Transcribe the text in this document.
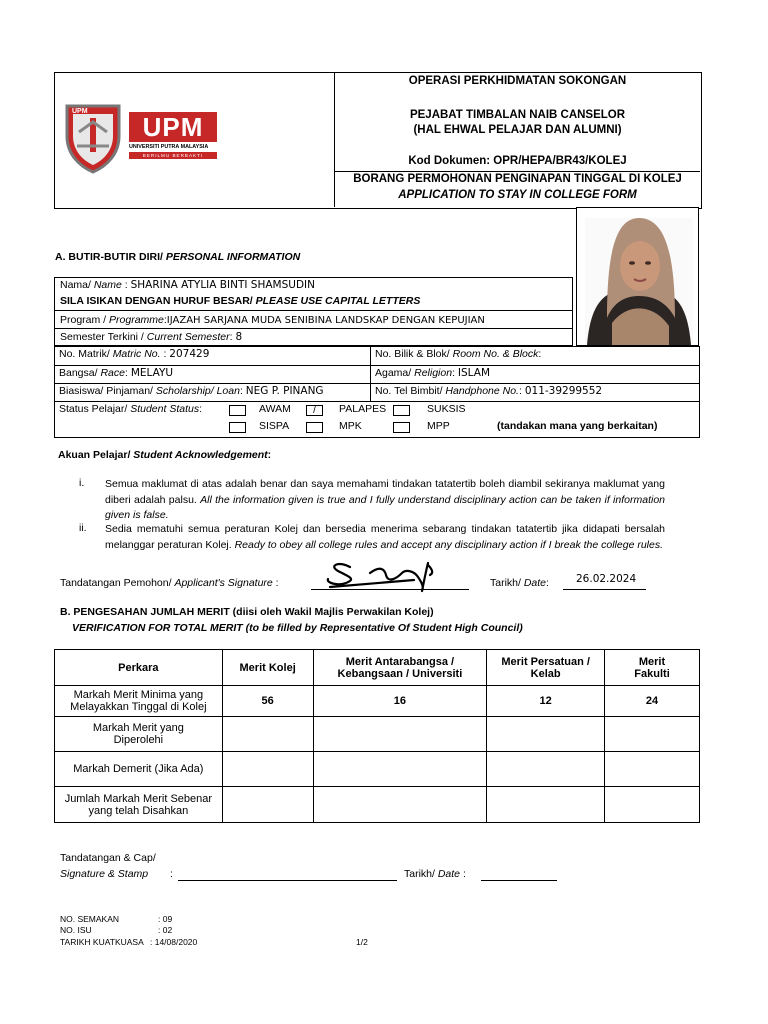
UPM
UPM
UNIVERSITI PUTRA MALAYSIA
BERILMU BERBAKTI
OPERASI PERKHIDMATAN SOKONGAN
PEJABAT TIMBALAN NAIB CANSELOR
(HAL EHWAL PELAJAR DAN ALUMNI)
Kod Dokumen: OPR/HEPA/BR43/KOLEJ
BORANG PERMOHONAN PENGINAPAN TINGGAL DI KOLEJ
APPLICATION TO STAY IN COLLEGE FORM
A. BUTIR-BUTIR DIRI/ PERSONAL INFORMATION
Nama/ Name : SHARINA ATYLIA BINTI SHAMSUDIN
SILA ISIKAN DENGAN HURUF BESAR/ PLEASE USE CAPITAL LETTERS
Program / Programme:IJAZAH SARJANA MUDA SENIBINA LANDSKAP DENGAN KEPUJIAN
Semester Terkini / Current Semester: 8
No. Matrik/ Matric No. : 207429	No. Bilik & Blok/ Room No. & Block:
Bangsa/ Race: MELAYU	Agama/ Religion: ISLAM
Biasiswa/ Pinjaman/ Scholarship/ Loan: NEG P. PINANG	No. Tel Bimbit/ Handphone No.: 011-39299552
Status Pelajar/ Student Status:	AWAM	/	PALAPES	SUKSIS
SISPA	MPK	MPP	(tandakan mana yang berkaitan)
Akuan Pelajar/ Student Acknowledgement:
i. Semua maklumat di atas adalah benar dan saya memahami tindakan tatatertib boleh diambil sekiranya maklumat yang diberi adalah palsu. All the information given is true and I fully understand disciplinary action can be taken if information given is false.
ii. Sedia mematuhi semua peraturan Kolej dan bersedia menerima sebarang tindakan tatatertib jika didapati bersalah melanggar peraturan Kolej. Ready to obey all college rules and accept any disciplinary action if I break the college rules.
Tandatangan Pemohon/ Applicant's Signature :	Tarikh/ Date:	26.02.2024
B. PENGESAHAN JUMLAH MERIT (diisi oleh Wakil Majlis Perwakilan Kolej)
VERIFICATION FOR TOTAL MERIT (to be filled by Representative Of Student High Council)
Perkara	Merit Kolej	Merit Antarabangsa / Kebangsaan / Universiti	Merit Persatuan / Kelab	Merit Fakulti
Markah Merit Minima yang Melayakkan Tinggal di Kolej	56	16	12	24
Markah Merit yang Diperolehi				
Markah Demerit (Jika Ada)				
Jumlah Markah Merit Sebenar yang telah Disahkan				
Tandatangan & Cap/
Signature & Stamp :	Tarikh/ Date :
NO. SEMAKAN	: 09
NO. ISU	: 02
TARIKH KUATKUASA : 14/08/2020	1/2
